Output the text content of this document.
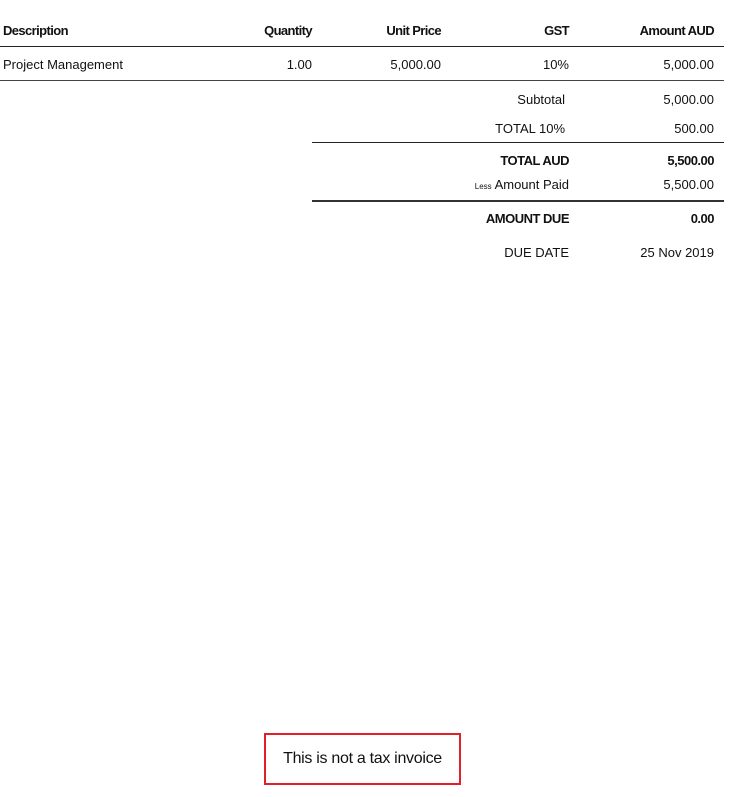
Description	Quantity	Unit Price	GST	Amount AUD
Project Management	1.00	5,000.00	10%	5,000.00
Subtotal	5,000.00
TOTAL 10%	500.00
TOTAL AUD	5,500.00
Less Amount Paid	5,500.00
AMOUNT DUE	0.00
DUE DATE	25 Nov 2019
This is not a tax invoice
